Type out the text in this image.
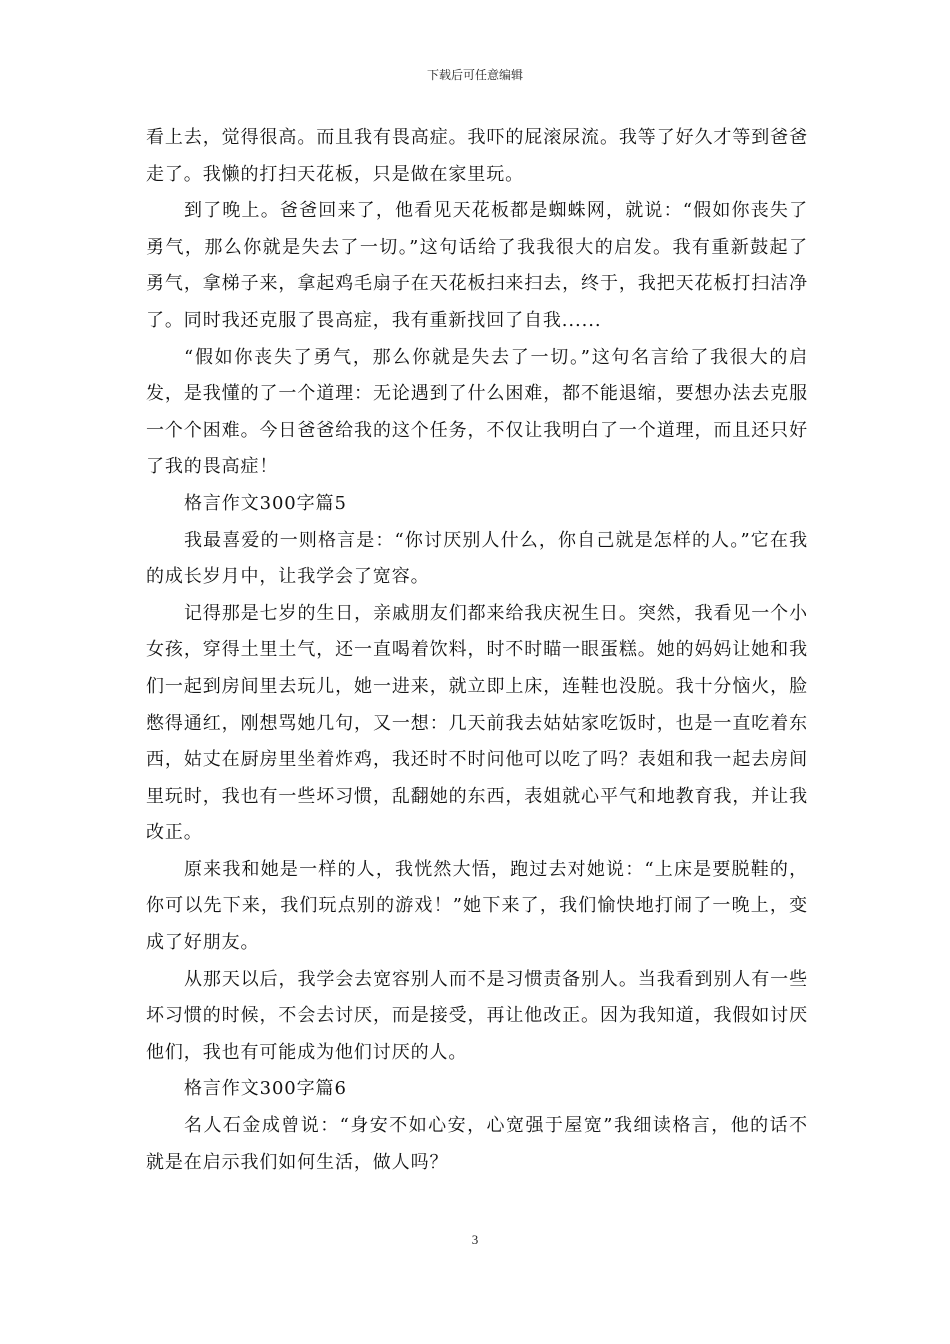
下载后可任意编辑

看上去，觉得很高。而且我有畏高症。我吓的屁滚尿流。我等了好久才等到爸爸走了。我懒的打扫天花板，只是做在家里玩。

到了晚上。爸爸回来了，他看见天花板都是蜘蛛网，就说：“假如你丧失了勇气，那么你就是失去了一切。”这句话给了我我很大的启发。我有重新鼓起了勇气，拿梯子来，拿起鸡毛扇子在天花板扫来扫去，终于，我把天花板打扫洁净了。同时我还克服了畏高症，我有重新找回了自我......

“假如你丧失了勇气，那么你就是失去了一切。”这句名言给了我很大的启发，是我懂的了一个道理：无论遇到了什么困难，都不能退缩，要想办法去克服一个个困难。今日爸爸给我的这个任务，不仅让我明白了一个道理，而且还只好了我的畏高症！

格言作文300字篇5

我最喜爱的一则格言是：“你讨厌别人什么，你自己就是怎样的人。”它在我的成长岁月中，让我学会了宽容。

记得那是七岁的生日，亲戚朋友们都来给我庆祝生日。突然，我看见一个小女孩，穿得土里土气，还一直喝着饮料，时不时瞄一眼蛋糕。她的妈妈让她和我们一起到房间里去玩儿，她一进来，就立即上床，连鞋也没脱。我十分恼火，脸憋得通红，刚想骂她几句，又一想：几天前我去姑姑家吃饭时，也是一直吃着东西，姑丈在厨房里坐着炸鸡，我还时不时问他可以吃了吗？表姐和我一起去房间里玩时，我也有一些坏习惯，乱翻她的东西，表姐就心平气和地教育我，并让我改正。

原来我和她是一样的人，我恍然大悟，跑过去对她说：“上床是要脱鞋的，你可以先下来，我们玩点别的游戏！”她下来了，我们愉快地打闹了一晚上，变成了好朋友。

从那天以后，我学会去宽容别人而不是习惯责备别人。当我看到别人有一些坏习惯的时候，不会去讨厌，而是接受，再让他改正。因为我知道，我假如讨厌他们，我也有可能成为他们讨厌的人。

格言作文300字篇6

名人石金成曾说：“身安不如心安，心宽强于屋宽”我细读格言，他的话不就是在启示我们如何生活，做人吗？

3
